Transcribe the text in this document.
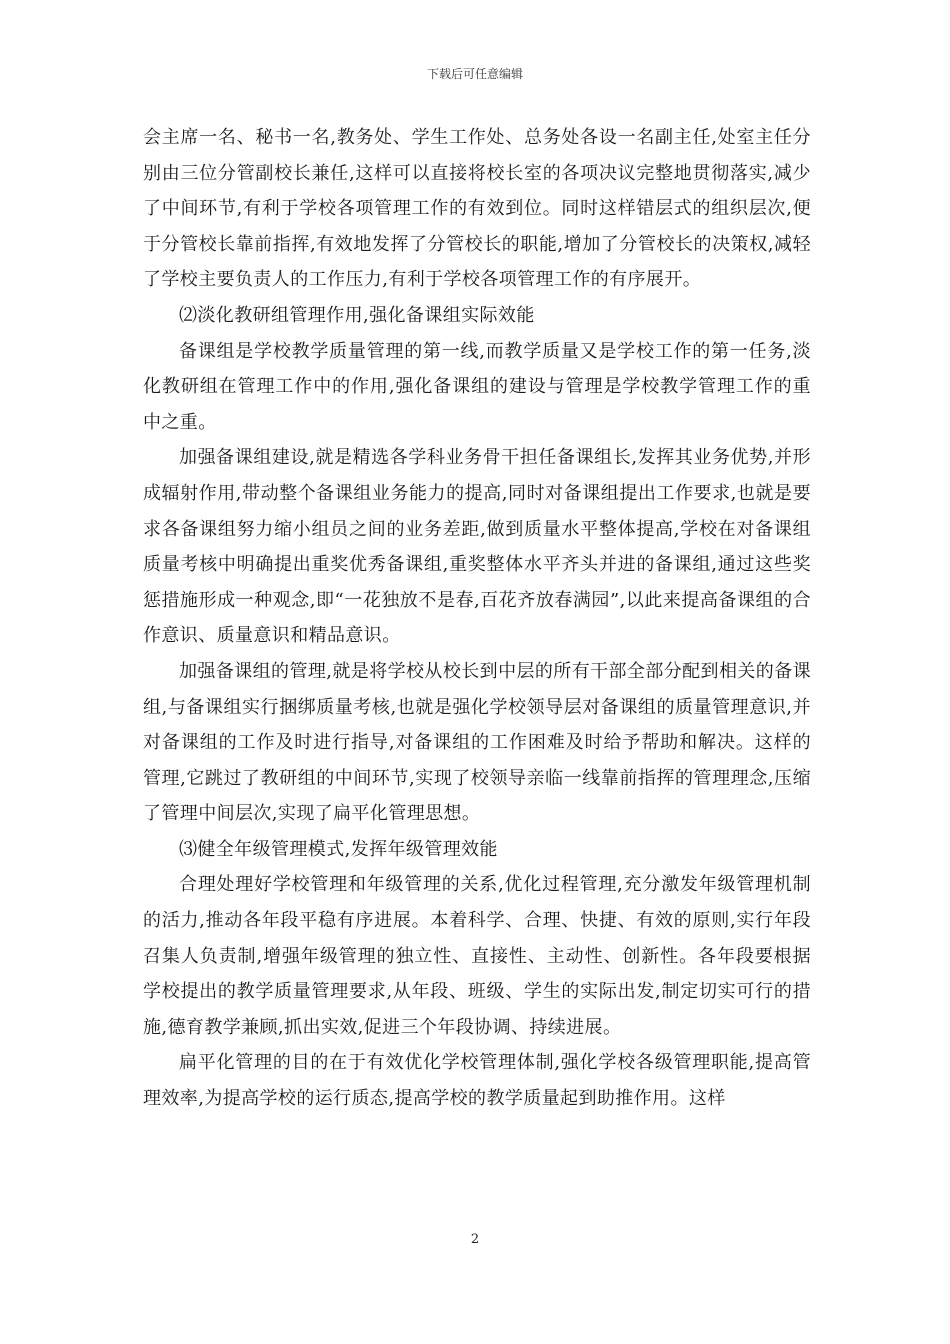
下载后可任意编辑

会主席一名、秘书一名,教务处、学生工作处、总务处各设一名副主任,处室主任分别由三位分管副校长兼任,这样可以直接将校长室的各项决议完整地贯彻落实,减少了中间环节,有利于学校各项管理工作的有效到位。同时这样错层式的组织层次,便于分管校长靠前指挥,有效地发挥了分管校长的职能,增加了分管校长的决策权,减轻了学校主要负责人的工作压力,有利于学校各项管理工作的有序展开。

⑵淡化教研组管理作用,强化备课组实际效能

备课组是学校教学质量管理的第一线,而教学质量又是学校工作的第一任务,淡化教研组在管理工作中的作用,强化备课组的建设与管理是学校教学管理工作的重中之重。

加强备课组建设,就是精选各学科业务骨干担任备课组长,发挥其业务优势,并形成辐射作用,带动整个备课组业务能力的提高,同时对备课组提出工作要求,也就是要求各备课组努力缩小组员之间的业务差距,做到质量水平整体提高,学校在对备课组质量考核中明确提出重奖优秀备课组,重奖整体水平齐头并进的备课组,通过这些奖惩措施形成一种观念,即“一花独放不是春,百花齐放春满园”,以此来提高备课组的合作意识、质量意识和精品意识。

加强备课组的管理,就是将学校从校长到中层的所有干部全部分配到相关的备课组,与备课组实行捆绑质量考核,也就是强化学校领导层对备课组的质量管理意识,并对备课组的工作及时进行指导,对备课组的工作困难及时给予帮助和解决。这样的管理,它跳过了教研组的中间环节,实现了校领导亲临一线靠前指挥的管理理念,压缩了管理中间层次,实现了扁平化管理思想。

⑶健全年级管理模式,发挥年级管理效能

合理处理好学校管理和年级管理的关系,优化过程管理,充分激发年级管理机制的活力,推动各年段平稳有序进展。本着科学、合理、快捷、有效的原则,实行年段召集人负责制,增强年级管理的独立性、直接性、主动性、创新性。各年段要根据学校提出的教学质量管理要求,从年段、班级、学生的实际出发,制定切实可行的措施,德育教学兼顾,抓出实效,促进三个年段协调、持续进展。

扁平化管理的目的在于有效优化学校管理体制,强化学校各级管理职能,提高管理效率,为提高学校的运行质态,提高学校的教学质量起到助推作用。这样

2
